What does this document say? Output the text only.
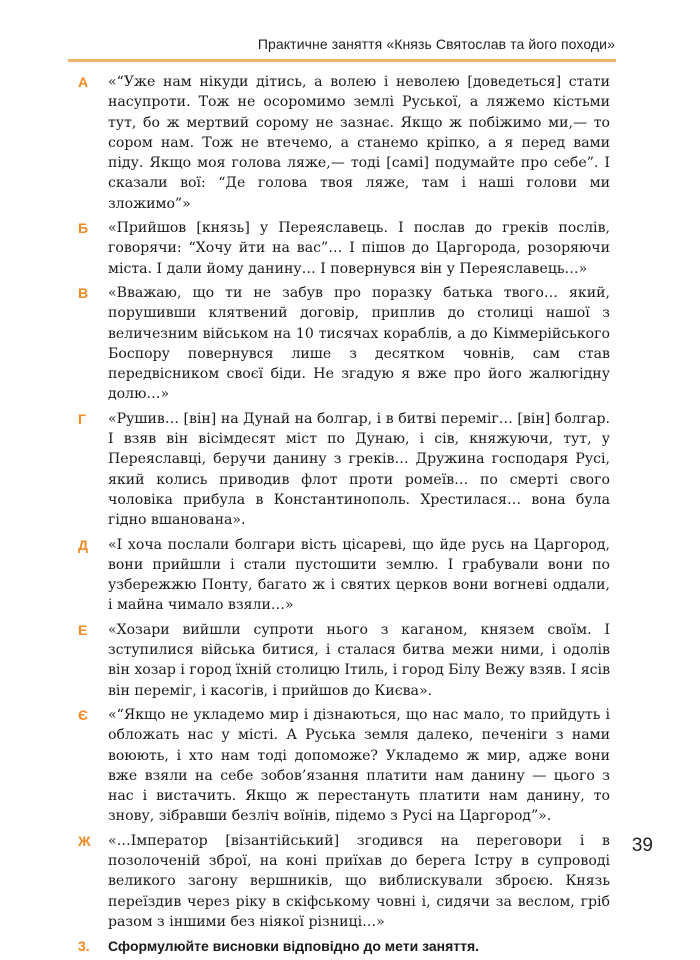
Практичне заняття «Князь Святослав та його походи»
А «“Уже нам нікуди дітись, а волею і неволею [доведеться] стати насупроти. Тож не осоромимо землі Руської, а ляжемо кістьми тут, бо ж мертвий сорому не зазнає. Якщо ж побіжимо ми,— то сором нам. Тож не втечемо, а станемо кріпко, а я перед вами піду. Якщо моя голова ляже,— тоді [самі] подумайте про себе”. І сказали вої: “Де голова твоя ляже, там і наші голови ми зложимо”»
Б «Прийшов [князь] у Переяславець. І послав до греків послів, говорячи: “Хочу йти на вас”… І пішов до Царгорода, розоряючи міста. І дали йому данину… І повернувся він у Переяславець…»
В «Вважаю, що ти не забув про поразку батька твого… який, порушивши клятвений договір, приплив до столиці нашої з величезним військом на 10 тисячах кораблів, а до Кіммерійського Боспору повернувся лише з десятком човнів, сам став передвісником своєї біди. Не згадую я вже про його жалюгідну долю…»
Г «Рушив… [він] на Дунай на болгар, і в битві переміг… [він] болгар. І взяв він вісімдесят міст по Дунаю, і сів, княжуючи, тут, у Переяславці, беручи данину з греків… Дружина господаря Русі, який колись приводив флот проти ромеїв… по смерті свого чоловіка прибула в Константинополь. Хрестилася… вона була гідно вшанована».
Д «І хоча послали болгари вість цісареві, що йде русь на Царгород, вони прийшли і стали пустошити землю. І грабували вони по узбережжю Понту, багато ж і святих церков вони вогневі оддали, і майна чимало взяли…»
Е «Хозари вийшли супроти нього з каганом, князем своїм. І зступилися війська битися, і сталася битва межи ними, і одолів він хозар і город їхній столицю Ітиль, і город Білу Вежу взяв. І ясів він переміг, і касогів, і прийшов до Києва».
Є «“Якщо не укладемо мир і дізнаються, що нас мало, то прийдуть і обложать нас у місті. А Руська земля далеко, печеніги з нами воюють, і хто нам тоді допоможе? Укладемо ж мир, адже вони вже взяли на себе зобов’язання платити нам данину — цього з нас і вистачить. Якщо ж перестануть платити нам данину, то знову, зібравши безліч воїнів, підемо з Русі на Царгород”».
Ж «…Імператор [візантійський] згодився на переговори і в позолоченій зброї, на коні приїхав до берега Істру в супроводі великого загону вершників, що виблискували зброєю. Князь переїздив через ріку в скіфському човні і, сидячи за веслом, гріб разом з іншими без ніякої різниці…»
3. Сформулюйте висновки відповідно до мети заняття.
39
